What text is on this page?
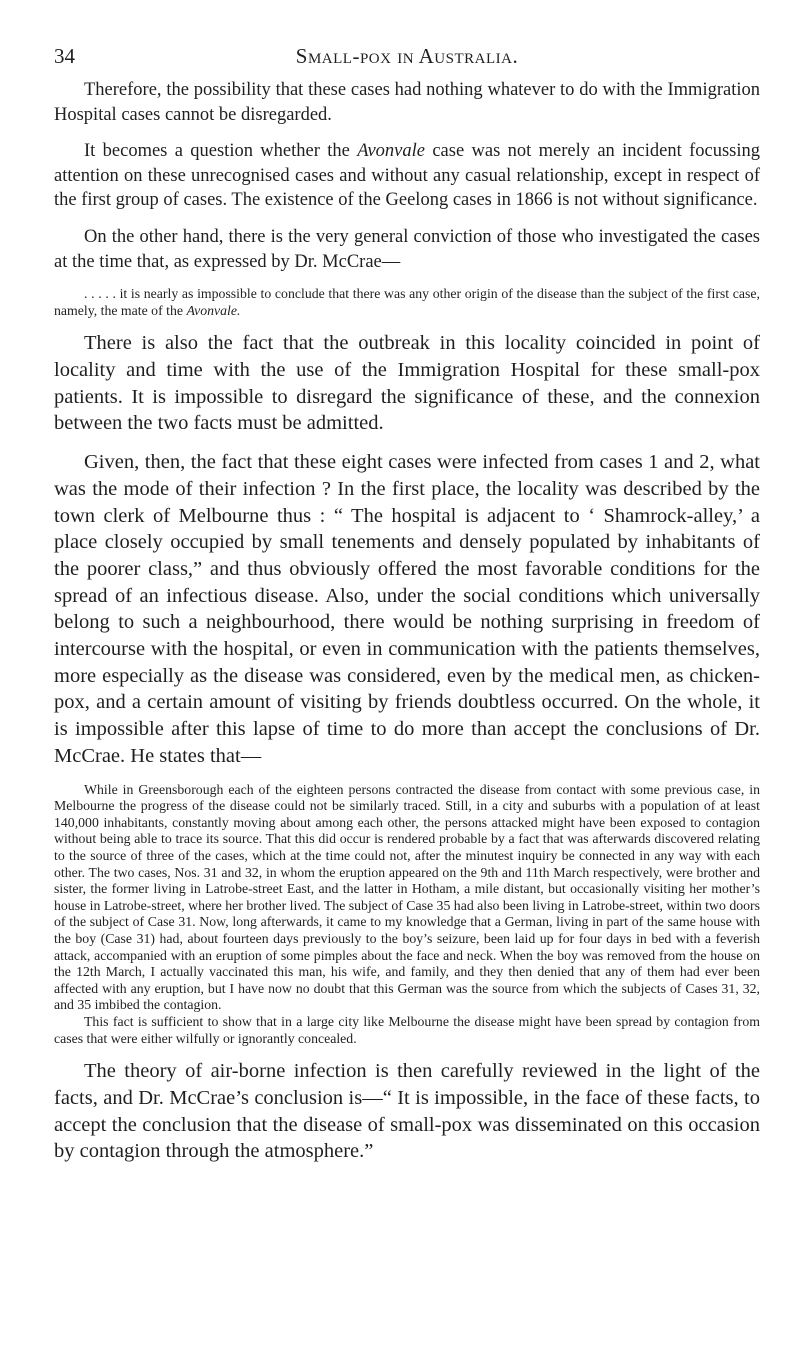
34	Small-pox in Australia.

Therefore, the possibility that these cases had nothing whatever to do with the Immigration Hospital cases cannot be disregarded.

It becomes a question whether the Avonvale case was not merely an incident focussing attention on these unrecognised cases and without any casual relationship, except in respect of the first group of cases. The existence of the Geelong cases in 1866 is not without significance.

On the other hand, there is the very general conviction of those who investigated the cases at the time that, as expressed by Dr. McCrae—

. . . . . it is nearly as impossible to conclude that there was any other origin of the disease than the subject of the first case, namely, the mate of the Avonvale.

There is also the fact that the outbreak in this locality coincided in point of locality and time with the use of the Immigration Hospital for these small-pox patients. It is impossible to disregard the significance of these, and the connexion between the two facts must be admitted.

Given, then, the fact that these eight cases were infected from cases 1 and 2, what was the mode of their infection ? In the first place, the locality was described by the town clerk of Melbourne thus : “ The hospital is adjacent to ‘ Shamrock-alley,’ a place closely occupied by small tenements and densely populated by inhabitants of the poorer class,” and thus obviously offered the most favorable conditions for the spread of an infectious disease. Also, under the social conditions which universally belong to such a neighbourhood, there would be nothing surprising in freedom of intercourse with the hospital, or even in communication with the patients themselves, more especially as the disease was considered, even by the medical men, as chicken-pox, and a certain amount of visiting by friends doubtless occurred. On the whole, it is impossible after this lapse of time to do more than accept the conclusions of Dr. McCrae. He states that—

While in Greensborough each of the eighteen persons contracted the disease from contact with some previous case, in Melbourne the progress of the disease could not be similarly traced. Still, in a city and suburbs with a population of at least 140,000 inhabitants, constantly moving about among each other, the persons attacked might have been exposed to contagion without being able to trace its source. That this did occur is rendered probable by a fact that was afterwards discovered relating to the source of three of the cases, which at the time could not, after the minutest inquiry be connected in any way with each other. The two cases, Nos. 31 and 32, in whom the eruption appeared on the 9th and 11th March respectively, were brother and sister, the former living in Latrobe-street East, and the latter in Hotham, a mile distant, but occasionally visiting her mother’s house in Latrobe-street, where her brother lived. The subject of Case 35 had also been living in Latrobe-street, within two doors of the subject of Case 31. Now, long afterwards, it came to my knowledge that a German, living in part of the same house with the boy (Case 31) had, about fourteen days previously to the boy’s seizure, been laid up for four days in bed with a feverish attack, accompanied with an eruption of some pimples about the face and neck. When the boy was removed from the house on the 12th March, I actually vaccinated this man, his wife, and family, and they then denied that any of them had ever been affected with any eruption, but I have now no doubt that this German was the source from which the subjects of Cases 31, 32, and 35 imbibed the contagion.

This fact is sufficient to show that in a large city like Melbourne the disease might have been spread by contagion from cases that were either wilfully or ignorantly concealed.

The theory of air-borne infection is then carefully reviewed in the light of the facts, and Dr. McCrae’s conclusion is—“ It is impossible, in the face of these facts, to accept the conclusion that the disease of small-pox was disseminated on this occasion by contagion through the atmosphere.”
